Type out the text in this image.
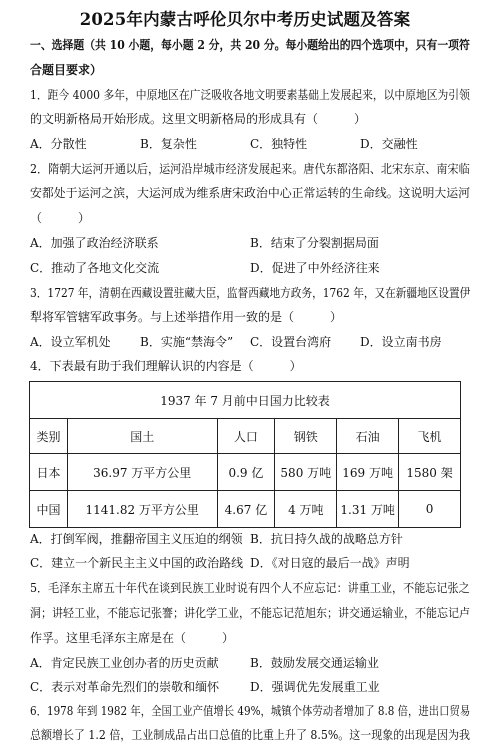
2025年内蒙古呼伦贝尔中考历史试题及答案
一、选择题（共 10 小题，每小题 2 分，共 20 分。每小题给出的四个选项中，只有一项符
合题目要求）
1．距今 4000 多年，中原地区在广泛吸收各地文明要素基础上发展起来，以中原地区为引领
的文明新格局开始形成。这里文明新格局的形成具有（　　　）
A．分散性	B．复杂性	C．独特性	D．交融性
2．隋朝大运河开通以后，运河沿岸城市经济发展起来。唐代东都洛阳、北宋东京、南宋临
安都处于运河之滨，大运河成为维系唐宋政治中心正常运转的生命线。这说明大运河
（　　　）
A．加强了政治经济联系	B．结束了分裂割据局面
C．推动了各地文化交流	D．促进了中外经济往来
3．1727 年，清朝在西藏设置驻藏大臣，监督西藏地方政务，1762 年，又在新疆地区设置伊
犁将军管辖军政事务。与上述举措作用一致的是（　　　）
A．设立军机处 B．实施“禁海令” C．设置台湾府 D．设立南书房
4．下表最有助于我们理解认识的内容是（　　　）
1937 年 7 月前中日国力比较表					
类别	国土	人口	钢铁	石油	飞机
日本	36.97 万平方公里	0.9 亿	580 万吨	169 万吨	1580 架
中国	1141.82 万平方公里	4.67 亿	4 万吨	1.31 万吨	0
A．打倒军阀，推翻帝国主义压迫的纲领 B．抗日持久战的战略总方针
C．建立一个新民主主义中国的政治路线 D．《对日寇的最后一战》声明
5．毛泽东主席五十年代在谈到民族工业时说有四个人不应忘记：讲重工业，不能忘记张之
洞；讲轻工业，不能忘记张謇；讲化学工业，不能忘记范旭东；讲交通运输业，不能忘记卢
作孚。这里毛泽东主席是在（　　　）
A．肯定民族工业创办者的历史贡献	B．鼓励发展交通运输业
C．表示对革命先烈们的崇敬和缅怀	D．强调优先发展重工业
6．1978 年到 1982 年，全国工业产值增长 49%，城镇个体劳动者增加了 8.8 倍，进出口贸易
总额增长了 1.2 倍，工业制成品占出口总值的比重上升了 8.5%。这一现象的出现是因为我
